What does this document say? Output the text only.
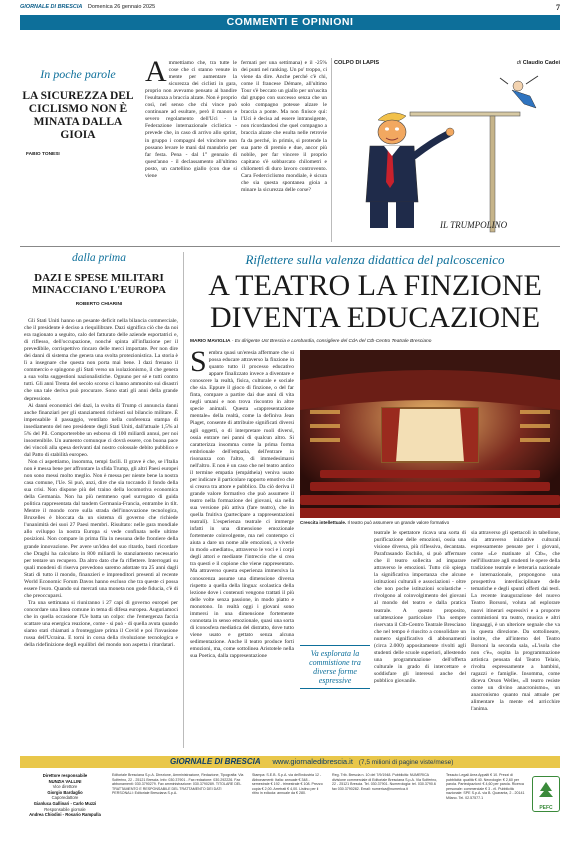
GIORNALE DI BRESCIA Domenica 26 gennaio 2025	7
COMMENTI E OPINIONI
In poche parole
LA SICUREZZA DEL CICLISMO NON È MINATA DALLA GIOIA
FABIO TONESI
Ammettiamo che, tra tutte le cose che ci stanno venute in mente per aumentare la sicurezza dei ciclisti in gara, proprio non avevamo pensato al bandire l'esultanza a braccia alzate. Non è proprio così, nel senso che chi vince può continuare ad esultare, però il manon e severo regolamento dell'Uci - la Federazione internazionale ciclistica - prevede che, in caso di arrivo allo sprint, in gruppo i compagni del vincitore non possano levare le mani dal manubrio per far festa. Pena - dal 1° gennaio di quest'anno - il declassamento all'ultimo posto, un cartellino giallo (con due si viene
fermati per una settimana) e il -25% dei punti nel ranking. Un po' troppo, ci viene da dire. Anche perché c'è chi, come il francese Démare, all'ultimo Tour s'è beccato un giallo per un'uscita dal gruppo con successo senza che un solo compagno potesse alzare le braccia a ponte. Ma non finisce qui: l'Uci è decisa ad essere intransigente, non ricordandosi che quel compagno a braccia alzate che esulta nelle retrovie fa da perché, in primis, si protende la sua parte di premio e due, ancor più nobile, per far vincere il proprio capitano s'è sobbarcato chilometri e chilometri di duro lavoro controvento. Cara Federciclismo mondiale, è sicura che sia questa spontanea gioia a minare la sicurezza delle corse?
COLPO DI LAPIS	di Claudio Cadei
IL TRUMPOLINO
dalla prima
DAZI E SPESE MILITARI MINACCIANO L'EUROPA
ROBERTO CHIARINI

Gli Stati Uniti hanno un pesante deficit nella bilancia commerciale, che il presidente è deciso a riequilibrare. Dazi significa ciò che da noi era ragionato a seguito, calo del fatturato delle aziende esportatrici e, di riflesso, dell'occupazione, nonché spinta all'inflazione per il prevedibile, corrispettivo rincaro delle merci importate. Per non dire dei danni di sistema che genera una svolta protezionistica. La storia è lì a insegnare che questa non porta mai bene. I dazi frenano il commercio e spingono gli Stati verso un isolazionismo, il che genera a sua volta suggestioni nazionalistiche. Ognuno per sé e tutti contro tutti. Gli anni Trenta del secolo scorso ci hanno ammonito sui disastri che una tale deriva può procurare. Sono stati gli anni della grande depressione.

Ai danni economici dei dazi, la svolta di Trump ci annuncia danni anche finanziari per gli stanziamenti richiesti sul bilancio militare. È impensabile il passaggio, ventilato nella conferenza stampa di insediamento del neo presidente degli Stati Uniti, dall'attuale 1,5% al 5% del Pil. Comporterebbe un esborso di 100 miliardi annui, per noi insostenibile. Un aumento comunque ci dovrà essere, con buona pace dei vincoli alla spesa derivanti dal nostro colossale debito pubblico e dal Patto di stabilità europeo.

Non ci aspettiamo, insomma, tempi facili. Il grave è che, se l'Italia non è messa bene per affrontare la sfida Trump, gli altri Paesi europei non sono messi molto meglio. Non è messa per niente bene la nostra casa comune, l'Ue. Si può, anzi, dire che sia toccando il fondo della sua crisi. Non dispone più del traino della locomotiva economica della Germania. Non ha più nemmeno quel surrogato di guida politica rappresentata dal tandem Germania-Francia, entrambe in tilt. Mentre il mondo corre sulla strada dell'innovazione tecnologica, Bruxelles è bloccata da un sistema di governo che richiede l'unanimità dei suoi 27 Paesi membri. Risultato: nelle gara mondiale allo sviluppo la nostra Europa si vede confinata nelle ultime posizioni. Non compare in prima fila in nessuna delle frontiere della grande innovazione. Per avere un'idea del suo ritardo, basti ricordare che Draghi ha calcolato in 800 miliardi lo stanziamento necessario per tentare un recupero. Da altro dato che fa riflettere. Interrogati su quali mondeni di riserva prevedono saremo adottate tra 25 anni dagli Stati di tutto il mondo, finanzieri e imprenditori presenti al recente World Economic Forum Davos hanno escluso che tra queste ci possa essere l'euro. Quando sui mercati una moneta non gode fiducia, c'è di che preoccuparsi.

Tra una settimana si riuniranno i 27 capi di governo europei per concordare una linea comune in tema di difesa europea. Auguriamoci che in quella occasione l'Ue batta un colpo: che l'emergenza faccia scattare una energica reazione, come - si può - di quella avuta quando siamo stati chiamati a fronteggiare prima il Covid e poi l'invasione russa dell'Ucraina. E torni in corsa della rivoluzione tecnologica e della ridefinizione degli equilibri del mondo non aspetta i ritardatari.

Riflettere sulla valenza didattica del palcoscenico
A TEATRO LA FINZIONE DIVENTA EDUCAZIONE
MARIO MAVIGLIA - Ex dirigente Ust Brescia e Lombardia, consigliere del CdA del Ctb-Centro Teatrale Bresciano
Sembra quasi un'eresia affermare che si possa educare attraverso la finzione in quanto tutto il processo educativo appare finalizzato invece a diventare e conoscere la realtà, fisica, culturale e sociale che sia. Eppure il gioco di finzione, o del far finta, compare a partire dai due anni di vita negli umani e non trova riscontro in altre specie animali. Questa «rappresentazione mentale» della realtà, come la definiva Jean Piaget, consente di attribuire significati diversi agli oggetti, o di interpretare ruoli diversi, ossia entrare nei panni di qualcun altro. Si caratterizza insomma come la prima forma embrionale dell'empatia, dell'entrare in risonanza con l'altro, di immedesimarsi nell'altro. E non è un caso che nel teatro antico il termine empatia (empátheia) veniva usato per indicare il particolare rapporto emotivo che si creava tra attore e pubblico. Da ciò deriva il grande valore formativo che può assumere il teatro nella formazione dei giovani, sia nella sua versione più attiva (fare teatro), che in quella fruitiva (partecipare a rappresentazioni teatrali). L'esperienza teatrale ci immerge infatti in una dimensione emozionale fortemente coinvolgente, ma nel contempo ci aiuta a dare un nome alle emozioni, a viverle in modo «mediato», attraverso le voci e i corpi degli attori e mediante l'intreccio che si crea tra questi e il copione che viene rappresentato. Ma attraverso questa esperienza immersiva la conoscenza assume una dimensione diversa rispetto a quella della lingua: scolastica della lezione dove i contenuti vengono trattati il più delle volte senza passione, in modo piatto e monotono. In realtà oggi i giovani sono immersi in una dimensione fortemente connotata in senso emozionale, quasi una sorta di iconosfera mediatica del distratto, dove tutto viene usato e gettato senza alcuna sedimentazione. Anche il teatro produce forti emozioni, ma, come sottolinea Aristotele nella sua Poetica, dalla rappresentazione
Crescita intellettuale. Il teatro può assumere un grande valore formativo
Va esplorata la commistione tra diverse forme espressive
teatrale le spettatore ricava una sorta di purificazione delle emozioni, ossia una visione diversa, più riflessiva, decantata. Parafrasando Eschilo, si può affermare che il teatro sollecita ad imparare attraverso le emozioni. Tutto ciò spiega la significativa importanza che alcune istituzioni culturali e associazioni - oltre che non poche istituzioni scolastiche - rivolgono al coinvolgimento dei giovani al mondo del teatro e dalla pratica teatrale. A questo proposito, un'attenzione particolare l'ha sempre riservata il Ctb-Centro Teatrale Bresciano che nel tempo è riuscito a consolidare un numero significativo di abbonamenti (circa 2.000) appositamente rivolti agli studenti delle scuole superiori, allestendo una programmazione dell'offerta culturale in grado di intercettare e soddisfare gli interessi anche del pubblico giovanile.
sia attraverso gli spettacoli in tabellone, sia attraverso iniziative culturali espressamente pensate per i giovani, come «Le matinate al Ctb», che nell'illustrare agli studenti le opere della tradizione teatrale e letteraria nazionale e internazionale, propongono una prospettiva interdisciplinare delle tematiche e degli spunti offerti dai testi. La recente inaugurazione del nuovo Teatro Borsoni, voluta ad esplorare nuovi itinerari espressivi e a proporre commistioni tra teatro, musica e altri linguaggi, è un ulteriore segnale che va in questa direzione. Da sottolineare, inoltre, che all'interno del Teatro Borsoni la seconda sala, «L'isola che non c'è», ospita la programmazione artistica pensata dal Teatro Telaio, rivolta espressamente a bambini, ragazzi e famiglie. Insomma, come diceva Orson Welles, «Il teatro resiste come un divino anacronismo», un anacronismo quanto mai attuale per alimentare la mente ed arricchire l'anima.
GIORNALE DI BRESCIA www.giornaledibrescia.it (7,5 milioni di pagine viste/mese)
Direttore responsabile
NUNZIA VALLINI
Vice direttore
Giorgio Bardaglio
Caporedattore
Gianluca Gallinari - Carlo Muzzi
Responsabile giornale
Andrea Chiodini - Rosario Rampulla
Editoriale Bresciana S.p.A. Direzione, Amministrazione, Redazione, Tipografia: Via Solferino, 22 - 25121 Brescia. Info: 030.37901 - Fax redazione: 030.292226. Fax abbonamenti: 030.3790279. Fax amministrazione: 030.3790289. TITOLARE DEL TRATTAMENTO E RESPONSABILE DEL TRATTAMENTO DEI DATI PERSONALI: Editoriale Bresciana S.p.A.
Stampa: S.E.B. S.p.A. via dell'Industria 12 - Abbonamenti: Italia: annuale € 348 - semestrale € 192 - trimestrale € 108. Prezzo copia € 2,00. Arretrati € 4,00. Listino per il ritiro in edicola: annuale da € 280.
Reg. Trib. Brescia n. 10 del 7/9/1948. Pubblicità: NUMERICA divisione commerciale di Editoriale Bresciana S.p.A. Via Solferino, 22 - 25121 Brescia. Tel. 030.37901. Numerologia: tel. 030.3790.6 fax 030.3790282. Email: numerica@numerica.it
Tessuto Legali Area Appalti € 10. Prezzi di pubblicità: qualità € 40. Necrologie: € 2,60 per parola. Partecipazioni: € 4,60 per parola. Ricerca personale: commerciale € 3 - ril. Pubblicità nazionale: SPE S.p.A. via B. Quaranta, 2 - 20141 Milano. Tel. 02.57577.1
PEFC
